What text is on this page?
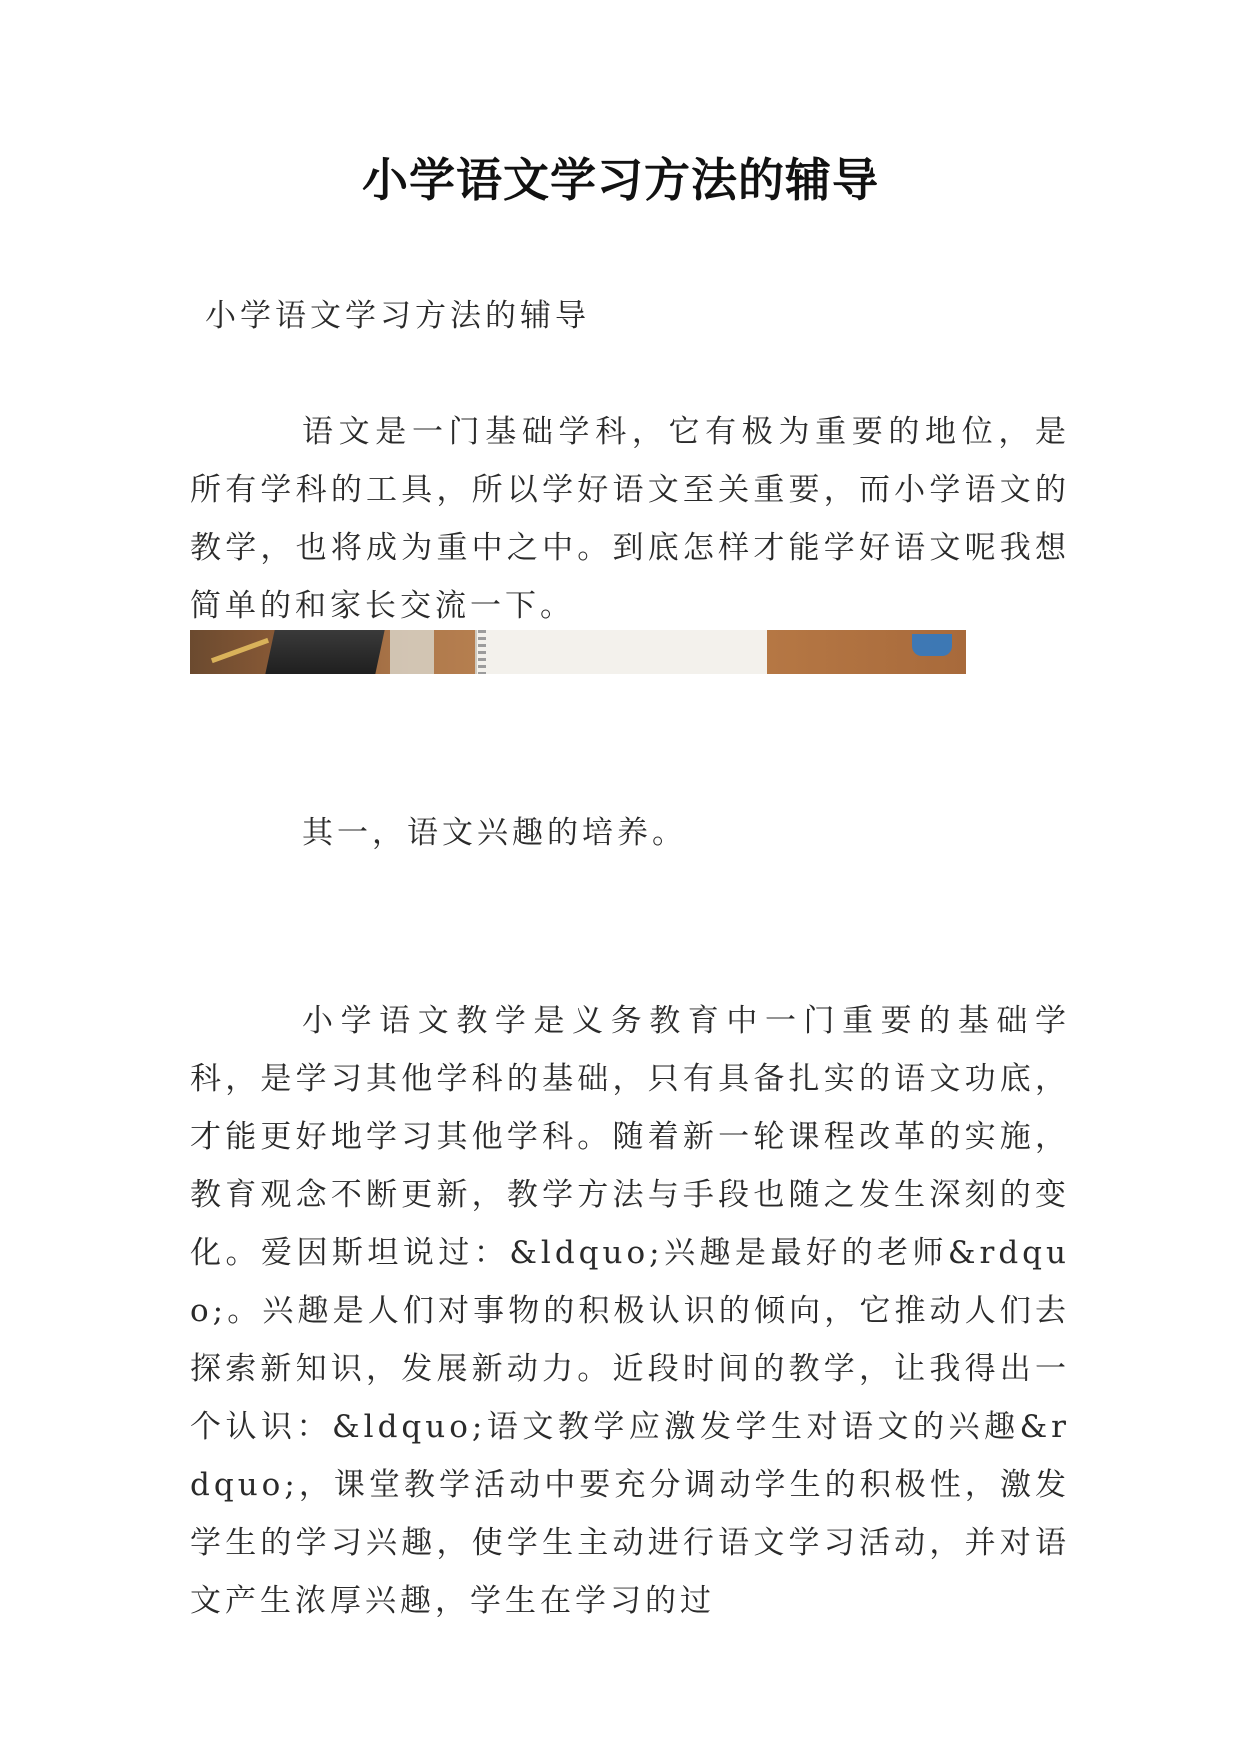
小学语文学习方法的辅导
小学语文学习方法的辅导
语文是一门基础学科，它有极为重要的地位，是所有学科的工具，所以学好语文至关重要，而小学语文的教学，也将成为重中之中。到底怎样才能学好语文呢我想简单的和家长交流一下。
其一，语文兴趣的培养。
小学语文教学是义务教育中一门重要的基础学科，是学习其他学科的基础，只有具备扎实的语文功底，才能更好地学习其他学科。随着新一轮课程改革的实施，教育观念不断更新，教学方法与手段也随之发生深刻的变化。爱因斯坦说过：&ldquo;兴趣是最好的老师&rdquo;。兴趣是人们对事物的积极认识的倾向，它推动人们去探索新知识，发展新动力。近段时间的教学，让我得出一个认识：&ldquo;语文教学应激发学生对语文的兴趣&rdquo;，课堂教学活动中要充分调动学生的积极性，激发学生的学习兴趣，使学生主动进行语文学习活动，并对语文产生浓厚兴趣，学生在学习的过
